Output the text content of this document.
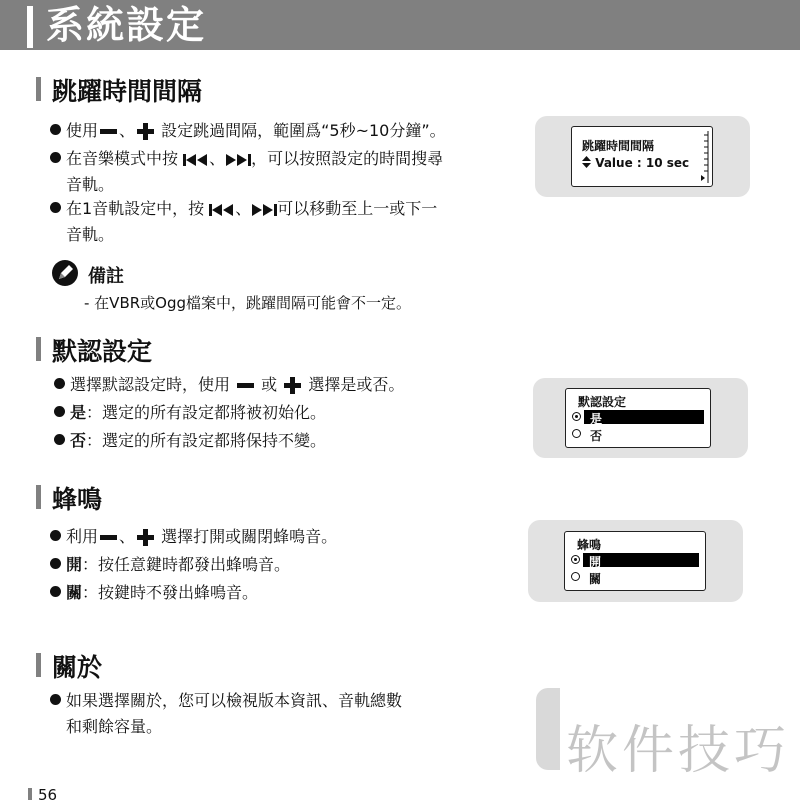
系統設定
跳躍時間間隔
使用 、 設定跳過間隔，範圍爲“5秒~10分鐘”。
在音樂模式中按 、 ，可以按照設定的時間搜尋
音軌。
在1音軌設定中，按 、 可以移動至上一或下一
音軌。
備註
- 在VBR或Ogg檔案中，跳躍間隔可能會不一定。
跳躍時間間隔
Value : 10 sec
默認設定
選擇默認設定時，使用  或  選擇是或否。
是：選定的所有設定都將被初始化。
否：選定的所有設定都將保持不變。
默認設定
是
否
蜂鳴
利用 、 選擇打開或關閉蜂鳴音。
開：按任意鍵時都發出蜂鳴音。
關：按鍵時不發出蜂鳴音。
蜂鳴
開
關
關於
如果選擇關於，您可以檢視版本資訊、音軌總數
和剩餘容量。	软件技巧
56
